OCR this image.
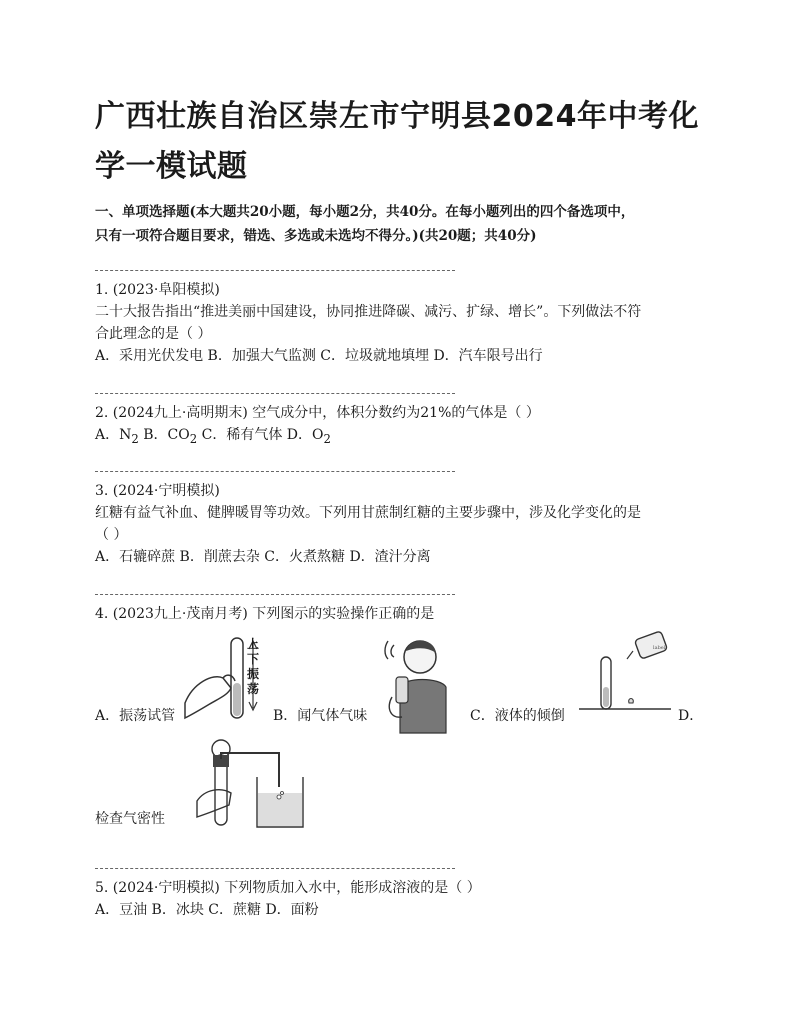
广西壮族自治区崇左市宁明县2024年中考化
学一模试题
一、单项选择题(本大题共20小题，每小题2分，共40分。在每小题列出的四个备选项中，
只有一项符合题目要求，错选、多选或未选均不得分。)(共20题；共40分)
1. (2023·阜阳模拟)
二十大报告指出“推进美丽中国建设，协同推进降碳、减污、扩绿、增长”。下列做法不符
合此理念的是（ ）
A．采用光伏发电 B．加强大气监测 C．垃圾就地填埋 D．汽车限号出行
2. (2024九上·高明期末) 空气成分中，体积分数约为21%的气体是（ ）
A．$N_2$ B．$CO_2$ C．稀有气体 D．$O_2$
3. (2024·宁明模拟)
红糖有益气补血、健脾暖胃等功效。下列用甘蔗制红糖的主要步骤中，涉及化学变化的是
（ ）
A．石辘碎蔗 B．削蔗去杂 C．火煮熬糖 D．渣汁分离
4. (2023九上·茂南月考) 下列图示的实验操作正确的是
上下振荡
A．振荡试管	B．闻气体气味	C．液体的倾倒
label
D．
检查气密性
5. (2024·宁明模拟) 下列物质加入水中，能形成溶液的是（ ）
A．豆油 B．冰块 C．蔗糖 D．面粉
